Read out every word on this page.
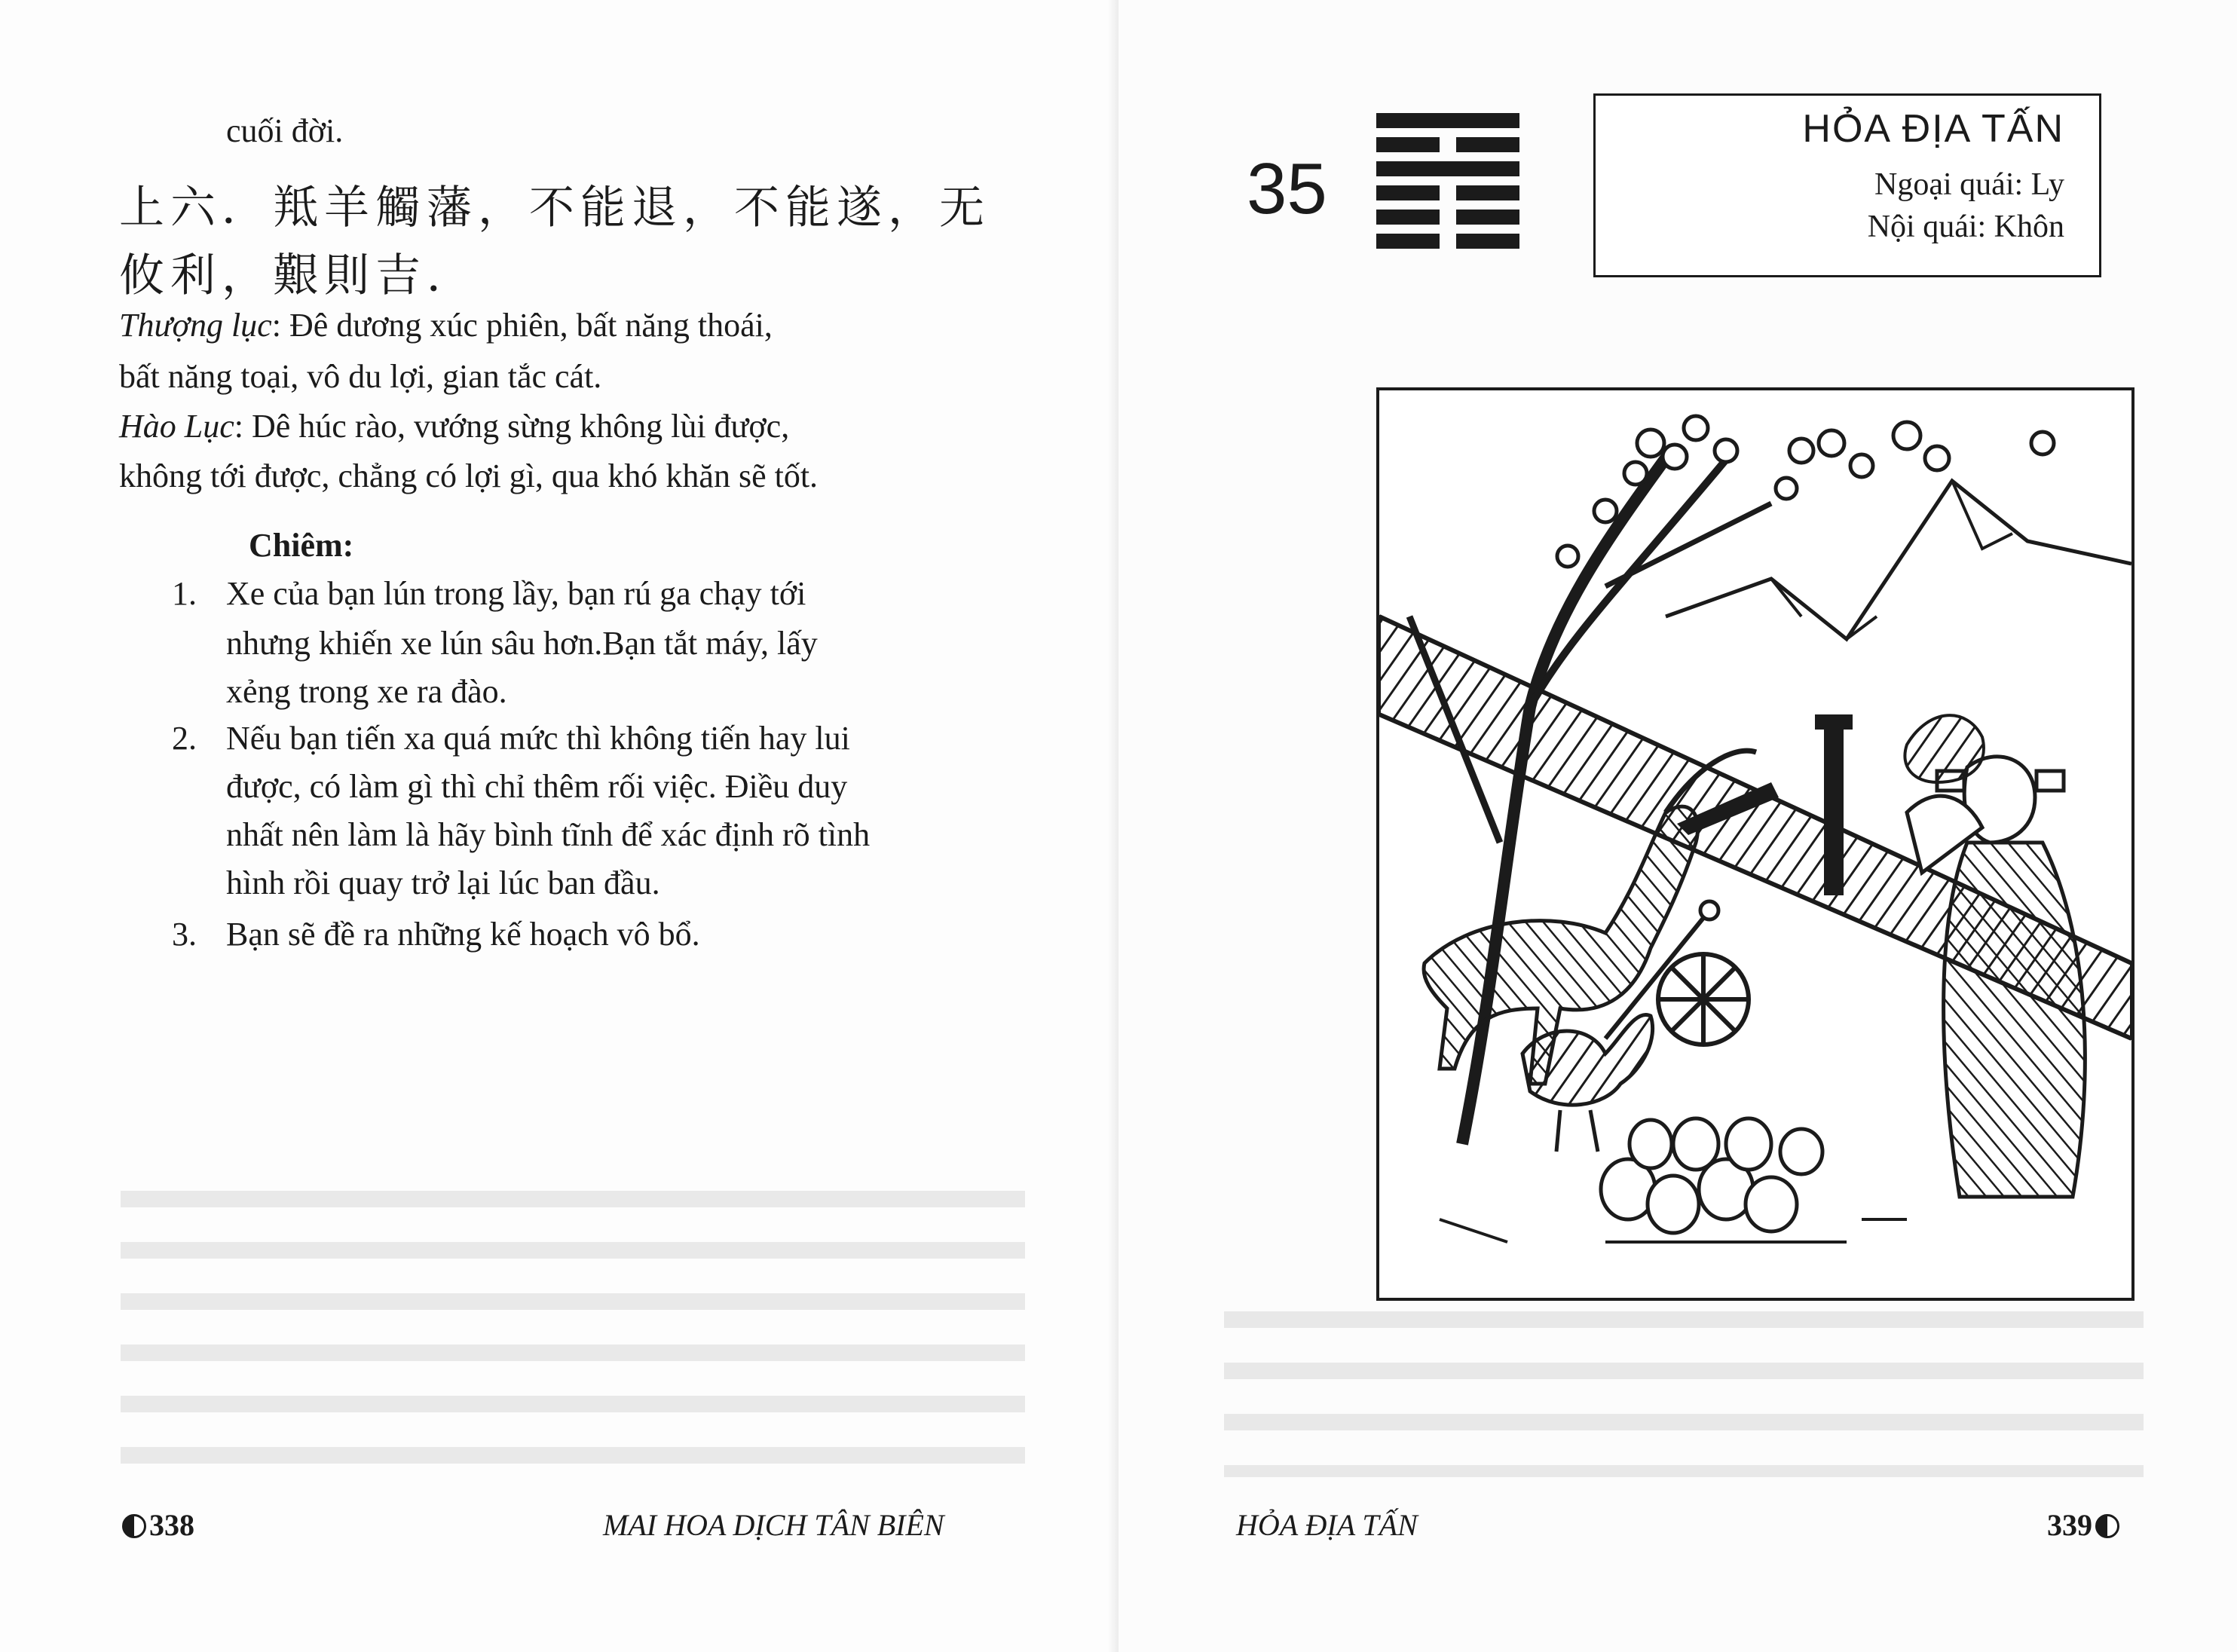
cuối đời.
上六．羝羊觸藩，不能退，不能遂，无
攸利，艱則吉．
Thượng lục: Đê dương xúc phiên, bất năng thoái,
bất năng toại, vô du lợi, gian tắc cát.
Hào Lục: Dê húc rào, vướng sừng không lùi được,
không tới được, chẳng có lợi gì, qua khó khăn sẽ tốt.
Chiêm:
1. Xe của bạn lún trong lầy, bạn rú ga chạy tới
nhưng khiến xe lún sâu hơn.Bạn tắt máy, lấy
xẻng trong xe ra đào.
2. Nếu bạn tiến xa quá mức thì không tiến hay lui
được, có làm gì thì chỉ thêm rối việc. Điều duy
nhất nên làm là hãy bình tĩnh để xác định rõ tình
hình rồi quay trở lại lúc ban đầu.
3. Bạn sẽ đề ra những kế hoạch vô bổ.
338	MAI HOA DỊCH TÂN BIÊN
35
HỎA ĐỊA TẤN
Ngoại quái: Ly
Nội quái: Khôn
HỎA ĐỊA TẤN	339
